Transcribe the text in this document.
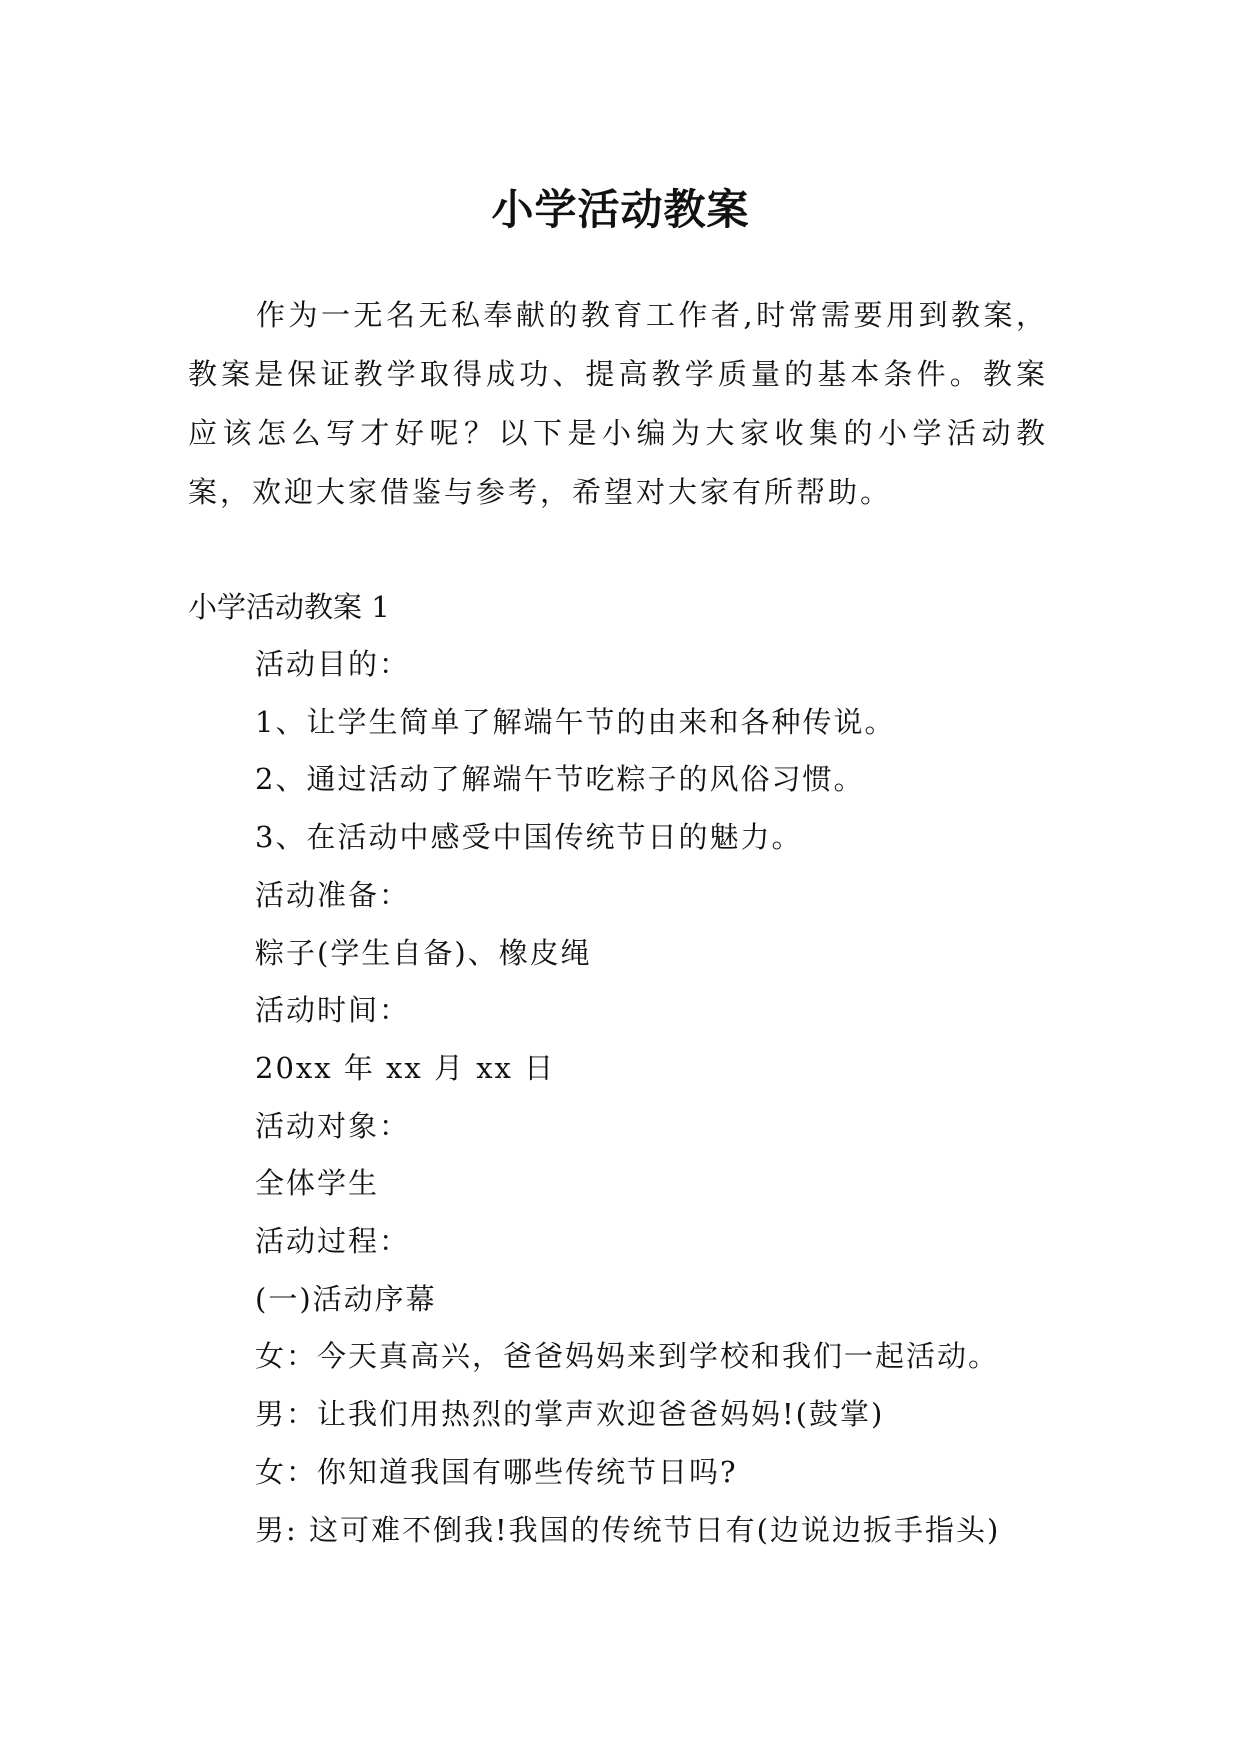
小学活动教案

作为一无名无私奉献的教育工作者,时常需要用到教案，教案是保证教学取得成功、提高教学质量的基本条件。教案应该怎么写才好呢？以下是小编为大家收集的小学活动教案，欢迎大家借鉴与参考，希望对大家有所帮助。

小学活动教案 1

活动目的：
1、让学生简单了解端午节的由来和各种传说。
2、通过活动了解端午节吃粽子的风俗习惯。
3、在活动中感受中国传统节日的魅力。
活动准备：
粽子(学生自备)、橡皮绳
活动时间：
20xx 年 xx 月 xx 日
活动对象：
全体学生
活动过程：
(一)活动序幕
女：今天真高兴，爸爸妈妈来到学校和我们一起活动。
男：让我们用热烈的掌声欢迎爸爸妈妈!(鼓掌)
女：你知道我国有哪些传统节日吗?
男: 这可难不倒我!我国的传统节日有(边说边扳手指头)
